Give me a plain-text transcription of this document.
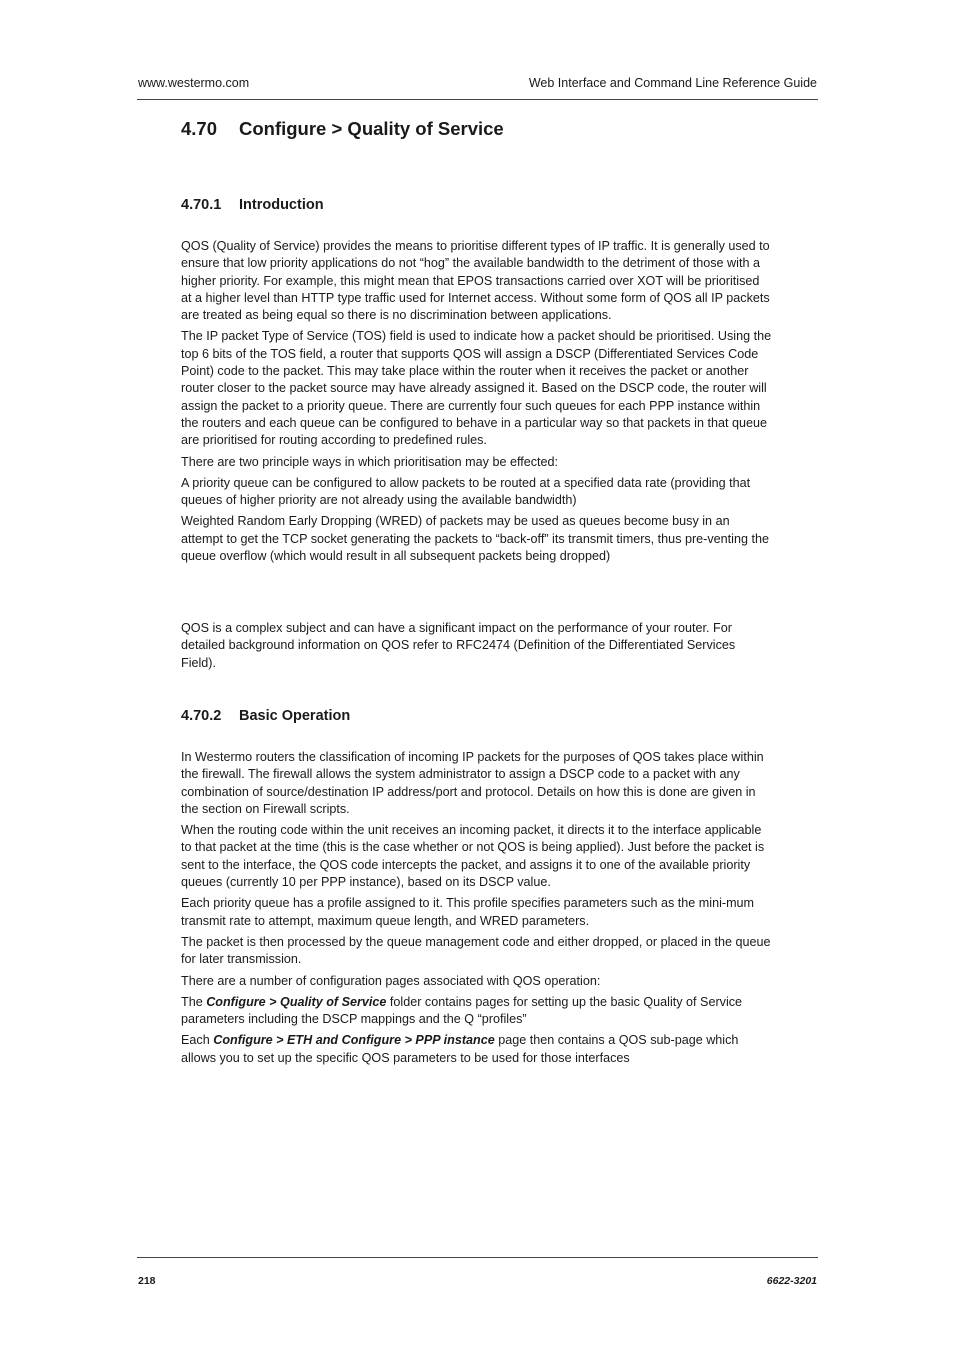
www.westermo.com	Web Interface and Command Line Reference Guide
4.70 Configure > Quality of Service
4.70.1 Introduction

QOS (Quality of Service) provides the means to prioritise different types of IP traffic. It is generally used to ensure that low priority applications do not “hog” the available bandwidth to the detriment of those with a higher priority. For example, this might mean that EPOS transactions carried over XOT will be prioritised at a higher level than HTTP type traffic used for Internet access. Without some form of QOS all IP packets are treated as being equal so there is no discrimination between applications.

The IP packet Type of Service (TOS) field is used to indicate how a packet should be prioritised. Using the top 6 bits of the TOS field, a router that supports QOS will assign a DSCP (Differentiated Services Code Point) code to the packet. This may take place within the router when it receives the packet or another router closer to the packet source may have already assigned it. Based on the DSCP code, the router will assign the packet to a priority queue. There are currently four such queues for each PPP instance within the routers and each queue can be configured to behave in a particular way so that packets in that queue are prioritised for routing according to predefined rules.

There are two principle ways in which prioritisation may be effected:

A priority queue can be configured to allow packets to be routed at a specified data rate (providing that queues of higher priority are not already using the available bandwidth)

Weighted Random Early Dropping (WRED) of packets may be used as queues become busy in an attempt to get the TCP socket generating the packets to “back-off” its transmit timers, thus pre-venting the queue overflow (which would result in all subsequent packets being dropped)

QOS is a complex subject and can have a significant impact on the performance of your router. For detailed background information on QOS refer to RFC2474 (Definition of the Differentiated Services Field).

4.70.2 Basic Operation

In Westermo routers the classification of incoming IP packets for the purposes of QOS takes place within the firewall. The firewall allows the system administrator to assign a DSCP code to a packet with any combination of source/destination IP address/port and protocol. Details on how this is done are given in the section on Firewall scripts.

When the routing code within the unit receives an incoming packet, it directs it to the interface applicable to that packet at the time (this is the case whether or not QOS is being applied). Just before the packet is sent to the interface, the QOS code intercepts the packet, and assigns it to one of the available priority queues (currently 10 per PPP instance), based on its DSCP value.

Each priority queue has a profile assigned to it. This profile specifies parameters such as the mini-mum transmit rate to attempt, maximum queue length, and WRED parameters.

The packet is then processed by the queue management code and either dropped, or placed in the queue for later transmission.

There are a number of configuration pages associated with QOS operation:

The Configure > Quality of Service folder contains pages for setting up the basic Quality of Service parameters including the DSCP mappings and the Q “profiles”

Each Configure > ETH and Configure > PPP instance page then contains a QOS sub-page which allows you to set up the specific QOS parameters to be used for those interfaces

218	6622-3201
